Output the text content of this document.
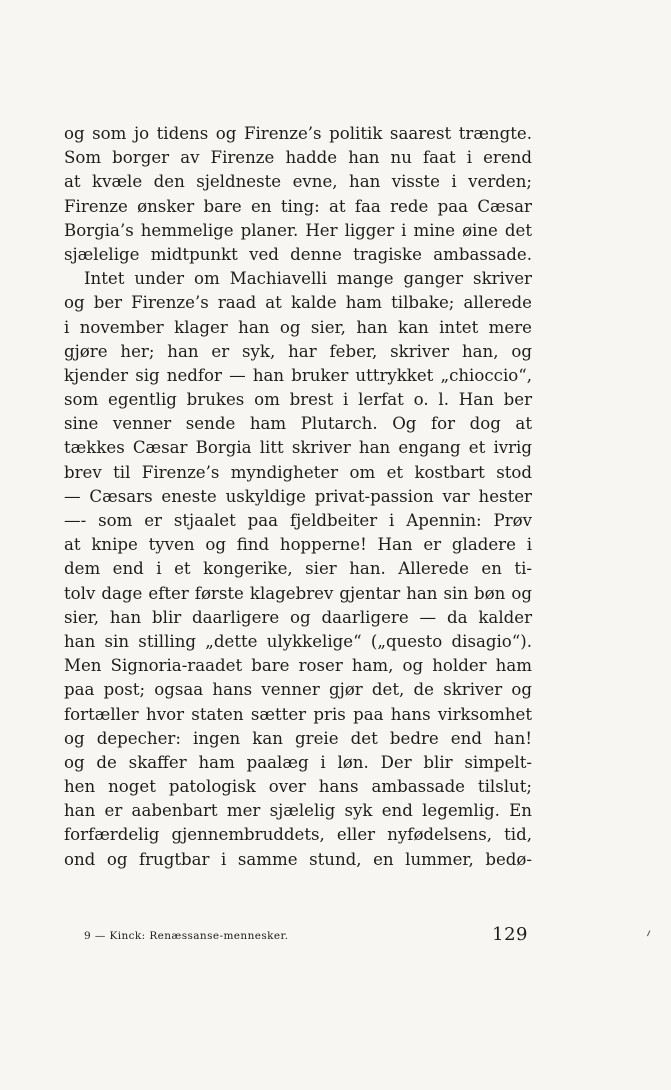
og som jo tidens og Firenze’s politik saarest trængte.
Som borger av Firenze hadde han nu faat i erend
at kvæle den sjeldneste evne, han visste i verden;
Firenze ønsker bare en ting: at faa rede paa Cæsar
Borgia’s hemmelige planer. Her ligger i mine øine det
sjælelige midtpunkt ved denne tragiske ambassade.
Intet under om Machiavelli mange ganger skriver
og ber Firenze’s raad at kalde ham tilbake; allerede
i november klager han og sier, han kan intet mere
gjøre her; han er syk, har feber, skriver han, og
kjender sig nedfor — han bruker uttrykket „chioccio“,
som egentlig brukes om brest i lerfat o. l. Han ber
sine venner sende ham Plutarch. Og for dog at
tækkes Cæsar Borgia litt skriver han engang et ivrig
brev til Firenze’s myndigheter om et kostbart stod
— Cæsars eneste uskyldige privat-passion var hester
—- som er stjaalet paa fjeldbeiter i Apennin: Prøv
at knipe tyven og find hopperne! Han er gladere i
dem end i et kongerike, sier han. Allerede en ti-
tolv dage efter første klagebrev gjentar han sin bøn og
sier, han blir daarligere og daarligere — da kalder
han sin stilling „dette ulykkelige“ („questo disagio“).
Men Signoria-raadet bare roser ham, og holder ham
paa post; ogsaa hans venner gjør det, de skriver og
fortæller hvor staten sætter pris paa hans virksomhet
og depecher: ingen kan greie det bedre end han!
og de skaffer ham paalæg i løn. Der blir simpelt-
hen noget patologisk over hans ambassade tilslut;
han er aabenbart mer sjælelig syk end legemlig. En
forfærdelig gjennembruddets, eller nyfødelsens, tid,
ond og frugtbar i samme stund, en lummer, bedø-
9 — Kinck: Renæssanse-mennesker.	129
